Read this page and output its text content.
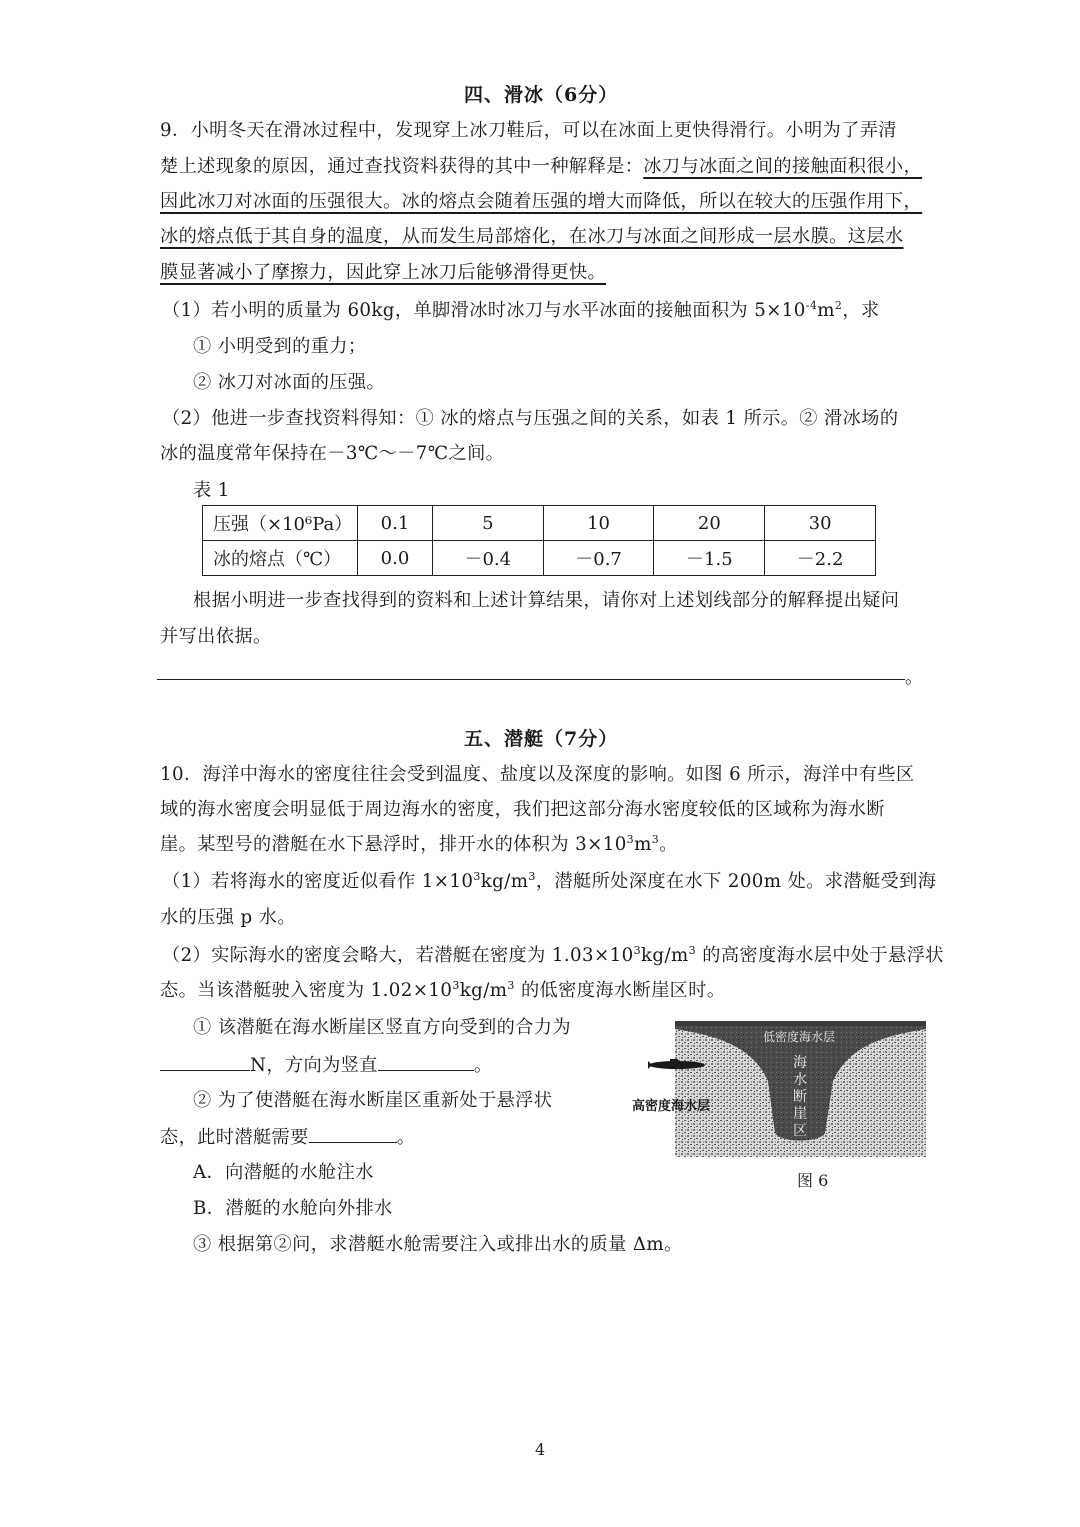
四、滑冰（6分）
9．小明冬天在滑冰过程中，发现穿上冰刀鞋后，可以在冰面上更快得滑行。小明为了弄清
楚上述现象的原因，通过查找资料获得的其中一种解释是：冰刀与冰面之间的接触面积很小，
因此冰刀对冰面的压强很大。冰的熔点会随着压强的增大而降低，所以在较大的压强作用下，
冰的熔点低于其自身的温度，从而发生局部熔化，在冰刀与冰面之间形成一层水膜。这层水
膜显著减小了摩擦力，因此穿上冰刀后能够滑得更快。
（1）若小明的质量为 60kg，单脚滑冰时冰刀与水平冰面的接触面积为 $5\times 10^{-4}m^2$，求
① 小明受到的重力；
② 冰刀对冰面的压强。
（2）他进一步查找资料得知：① 冰的熔点与压强之间的关系，如表 1 所示。② 滑冰场的
冰的温度常年保持在－3℃～－7℃之间。
表 1
压强（×10⁶Pa）	0.1	5	10	20	30
冰的熔点（℃）	0.0	－0.4	－0.7	－1.5	－2.2
根据小明进一步查找得到的资料和上述计算结果，请你对上述划线部分的解释提出疑问
并写出依据。
。
五、潜艇（7分）
10．海洋中海水的密度往往会受到温度、盐度以及深度的影响。如图 6 所示，海洋中有些区
域的海水密度会明显低于周边海水的密度，我们把这部分海水密度较低的区域称为海水断
崖。某型号的潜艇在水下悬浮时，排开水的体积为 $3\times 10^3m^3$。
（1）若将海水的密度近似看作 $1\times 10^3kg/m^3$，潜艇所处深度在水下 200m 处。求潜艇受到海
水的压强 p 水。
（2）实际海水的密度会略大，若潜艇在密度为 $1.03\times 10^3kg/m^3$ 的高密度海水层中处于悬浮状
态。当该潜艇驶入密度为 $1.02\times 10^3kg/m^3$ 的低密度海水断崖区时。
① 该潜艇在海水断崖区竖直方向受到的合力为
N，方向为竖直	。
② 为了使潜艇在海水断崖区重新处于悬浮状
态，此时潜艇需要	。
A．向潜艇的水舱注水
B．潜艇的水舱向外排水
③ 根据第②问，求潜艇水舱需要注入或排出水的质量 Δm。
低密度海水层
海水断崖区
高密度海水层
图 6
4
